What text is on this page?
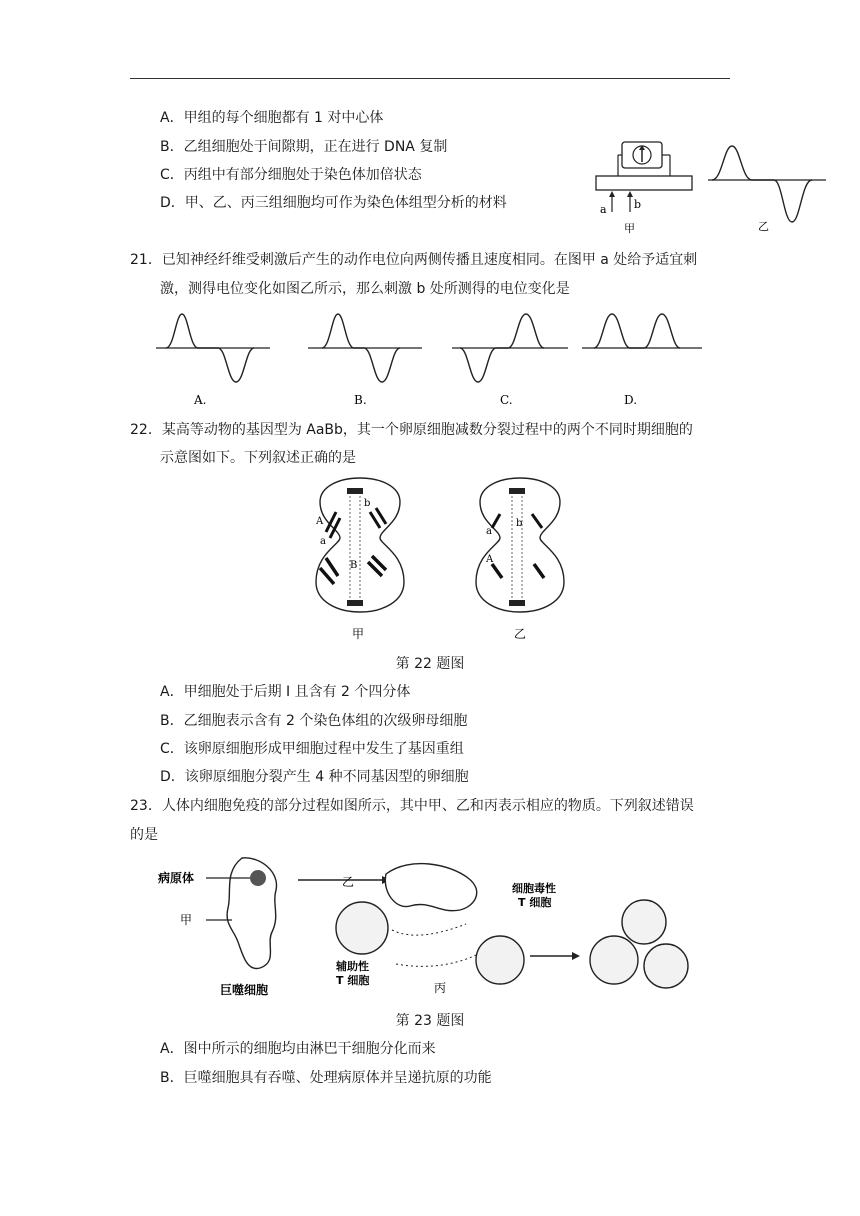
A．甲组的每个细胞都有 1 对中心体
B．乙组细胞处于间隙期，正在进行 DNA 复制
C．丙组中有部分细胞处于染色体加倍状态
D．甲、乙、丙三组细胞均可作为染色体组型分析的材料	a b
甲	乙
21．已知神经纤维受刺激后产生的动作电位向两侧传播且速度相同。在图甲 a 处给予适宜刺
激，测得电位变化如图乙所示，那么刺激 b 处所测得的电位变化是
A.	B.	C.	D.
22．某高等动物的基因型为 AaBb，其一个卵原细胞减数分裂过程中的两个不同时期细胞的
示意图如下。下列叙述正确的是
A
a
b
B
甲
a
A
b
乙
第 22 题图
A．甲细胞处于后期 I 且含有 2 个四分体
B．乙细胞表示含有 2 个染色体组的次级卵母细胞
C．该卵原细胞形成甲细胞过程中发生了基因重组
D．该卵原细胞分裂产生 4 种不同基因型的卵细胞
23．人体内细胞免疫的部分过程如图所示，其中甲、乙和丙表示相应的物质。下列叙述错误
的是
病原体
甲
巨噬细胞
乙
辅助性
T 细胞
丙
细胞毒性
T 细胞
第 23 题图
A．图中所示的细胞均由淋巴干细胞分化而来
B．巨噬细胞具有吞噬、处理病原体并呈递抗原的功能
